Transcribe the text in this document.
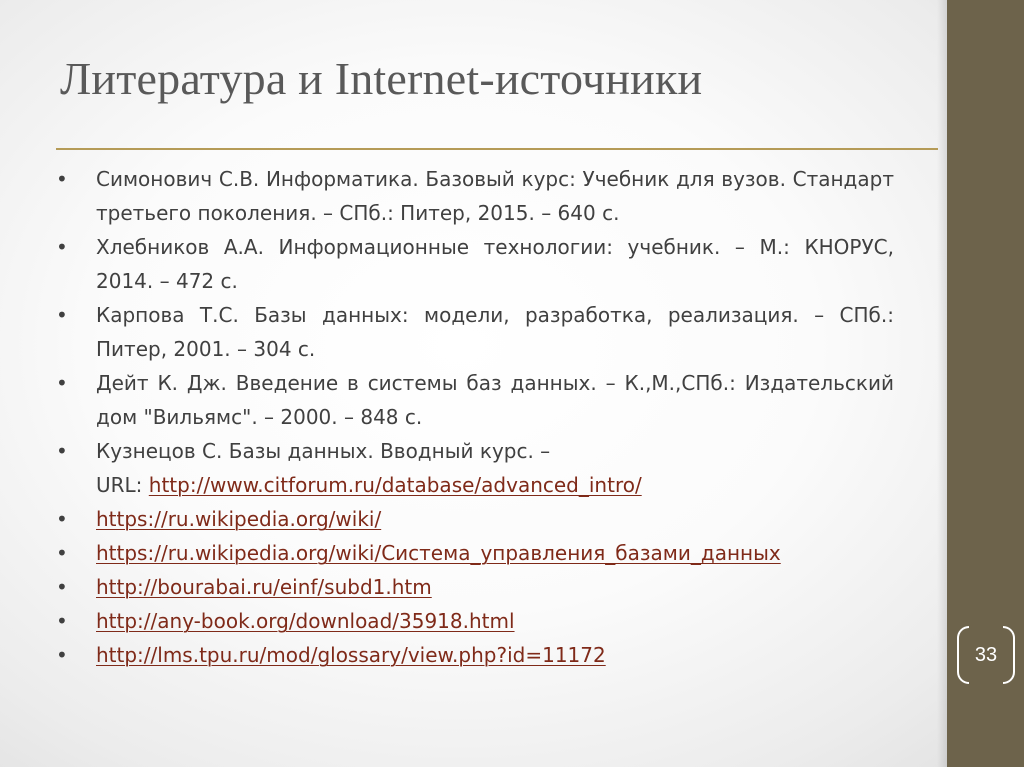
Литература и Internet-источники
• Симонович С.В. Информатика. Базовый курс: Учебник для вузов. Стандарт третьего поколения. – СПб.: Питер, 2015. – 640 с.
• Хлебников А.А. Информационные технологии: учебник. – М.: КНОРУС, 2014. – 472 с.
• Карпова Т.С. Базы данных: модели, разработка, реализация. – СПб.: Питер, 2001. – 304 с.
• Дейт К. Дж. Введение в системы баз данных. – К.,М.,СПб.: Издательский дом "Вильямс". – 2000. – 848 с.
• Кузнецов С. Базы данных. Вводный курс. –
URL: http://www.citforum.ru/database/advanced_intro/
• https://ru.wikipedia.org/wiki/
• https://ru.wikipedia.org/wiki/Система_управления_базами_данных
• http://bourabai.ru/einf/subd1.htm
• http://any-book.org/download/35918.html
• http://lms.tpu.ru/mod/glossary/view.php?id=11172	33
